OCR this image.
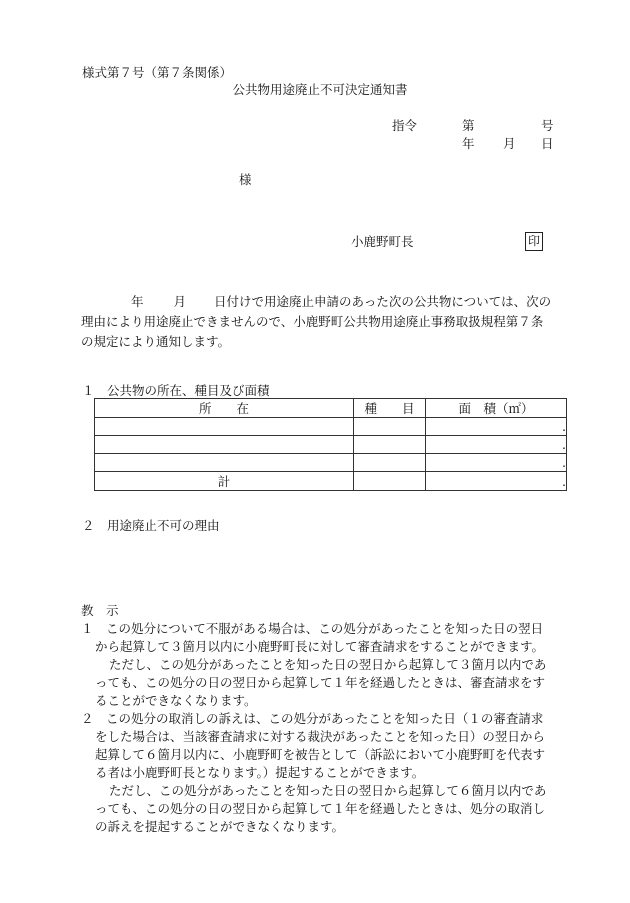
様式第７号（第７条関係）
公共物用途廃止不可決定通知書
指令	第	号
年 月 日
様
小鹿野町長	印
年 月 日付けで用途廃止申請のあった次の公共物については、次の
理由により用途廃止できませんので、小鹿野町公共物用途廃止事務取扱規程第７条
の規定により通知します。
１　公共物の所在、種目及び面積
所　　在	種　　目	面　積（㎡）
		.
		.
		.
計		.
２　用途廃止不可の理由
教　示
１　この処分について不服がある場合は、この処分があったことを知った日の翌日
から起算して３箇月以内に小鹿野町長に対して審査請求をすることができます。
ただし、この処分があったことを知った日の翌日から起算して３箇月以内であ
っても、この処分の日の翌日から起算して１年を経過したときは、審査請求をす
ることができなくなります。
２　この処分の取消しの訴えは、この処分があったことを知った日（１の審査請求
をした場合は、当該審査請求に対する裁決があったことを知った日）の翌日から
起算して６箇月以内に、小鹿野町を被告として（訴訟において小鹿野町を代表す
る者は小鹿野町長となります。）提起することができます。
ただし、この処分があったことを知った日の翌日から起算して６箇月以内であ
っても、この処分の日の翌日から起算して１年を経過したときは、処分の取消し
の訴えを提起することができなくなります。
